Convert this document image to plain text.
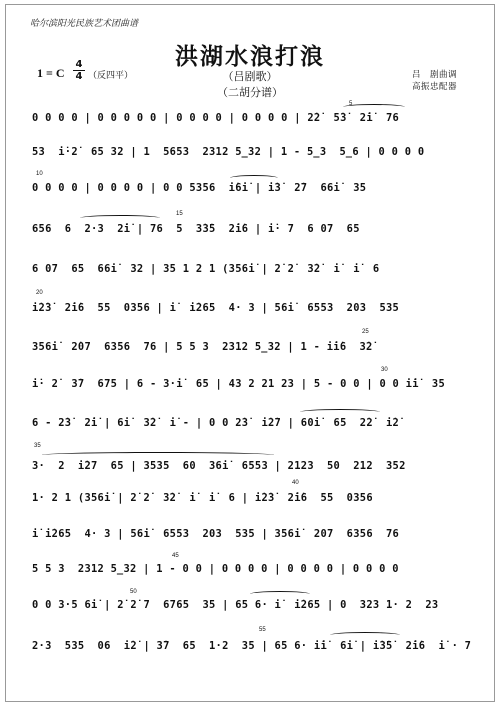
哈尔滨阳光民族艺术团曲谱
洪湖水浪打浪
（吕剧歌）
（二胡分谱）
1 = C
4
4 （反四平）	吕　剧曲调
高振忠配器
5
10
15
20
25
30
35
40
45
50
55
0 0 0 0 | 0 0 0 0 0 | 0 0 0 0 | 0 0 0 0 | 2̇2̇  5̇3̇  2̇i̇  76
53  i̇·2̇  65 32 | 1  5653  2312 5̲32 | 1 - 5̲3  5̲6 | 0 0 0 0
0 0 0 0 | 0 0 0 0 | 0 0 5356  i̇6i̇ | i̇3̇  2̇7  66i̇  35
656  6  2·3  2̇i̇ | 76  5  3̇3̇5  2̇i̇6 | i̇· 7  6 07  65
6 07  65  66i̇  32 | 35 1 2 1 (356i̇ | 2̇ 2̇  3̇2̇  i̇  i̇  6
i̇2̇3̇  2̇i̇6  55  0356 | i̇  i̇265  4· 3 | 56i̇  6553  203  535
356i̇  2̇07  6356  76 | 5 5 3  2312 5̲32 | 1 - i̇i̇6  3̇2̇
i̇· 2̇  3̇7  675 | 6 - 3·i̇  65 | 43 2 21 23 | 5 - 0 0 | 0 0 i̇i̇  35
6 - 2̇3̇  2̇i̇ | 6i̇  3̇2̇  i̇ - | 0 0 2̇3̇  i̇2̇7 | 60i̇  65  2̇2̇  i̇2̇
3·  2  i̇27  65 | 3535  60  36i̇  6553 | 2123  50  212  352
1· 2 1 (356i̇ | 2̇ 2̇  3̇2̇  i̇  i̇  6 | i̇2̇3̇  2̇i̇6  55  0356
i̇ i̇265  4· 3 | 56i̇  6553  203  535 | 356i̇  207  6356  76
5 5 3  2312 5̲32 | 1 - 0 0 | 0 0 0 0 | 0 0 0 0 | 0 0 0 0
0 0 3·5 6i̇ | 2̇ 2̇ 7  6765  35 | 65 6· i̇  i̇265 | 0  323 1· 2  23
2·3  535  06  i̇2̇ | 3̇7  65  1·2  35 | 65 6· i̇i̇  6i̇ | i̇3̇5̇  2̇i̇6  i̇ · 7
